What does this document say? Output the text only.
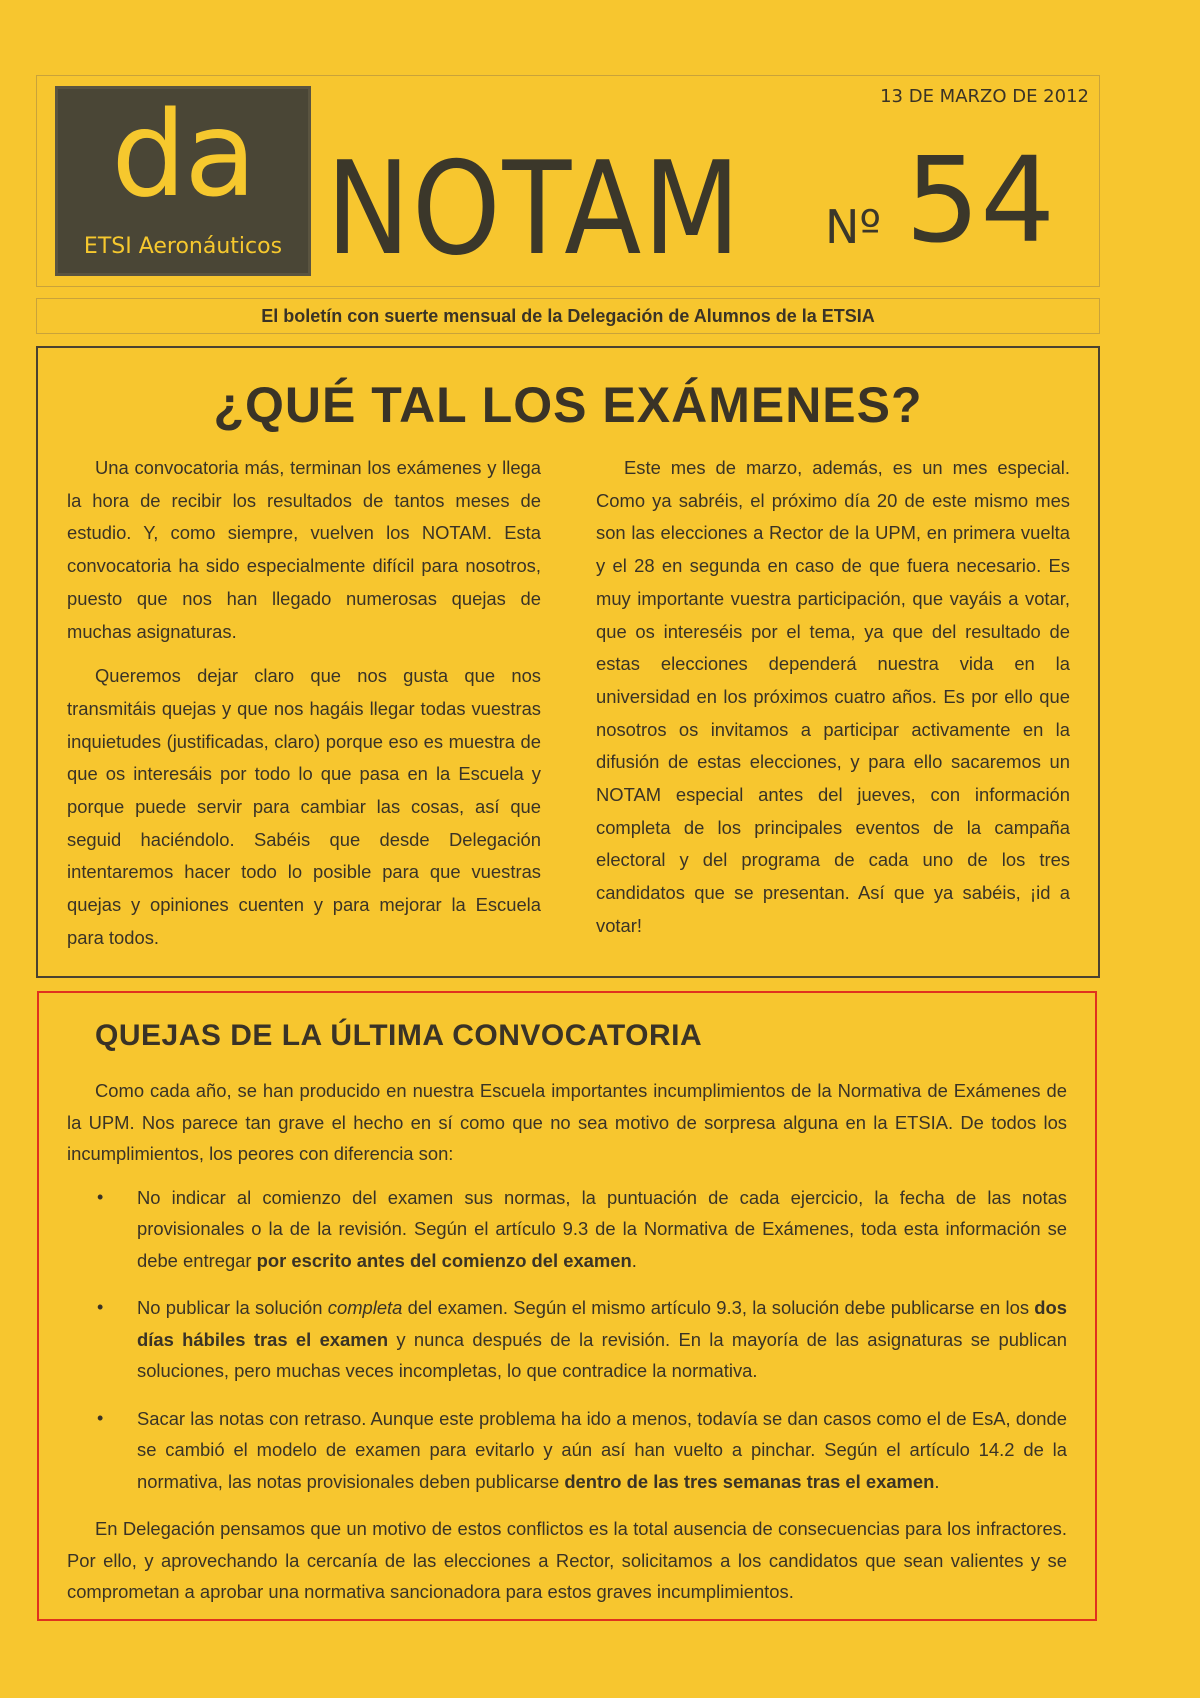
da
ETSI Aeronáuticos
13 DE MARZO DE 2012
NOTAM Nº 54
El boletín con suerte mensual de la Delegación de Alumnos de la ETSIA
¿QUÉ TAL LOS EXÁMENES?

Una convocatoria más, terminan los exámenes y llega la hora de recibir los resultados de tantos meses de estudio. Y, como siempre, vuelven los NOTAM. Esta convocatoria ha sido especialmente difícil para nosotros, puesto que nos han llegado numerosas quejas de muchas asignaturas.

Queremos dejar claro que nos gusta que nos transmitáis quejas y que nos hagáis llegar todas vuestras inquietudes (justificadas, claro) porque eso es muestra de que os interesáis por todo lo que pasa en la Escuela y porque puede servir para cambiar las cosas, así que seguid haciéndolo. Sabéis que desde Delegación intentaremos hacer todo lo posible para que vuestras quejas y opiniones cuenten y para mejorar la Escuela para todos.

Este mes de marzo, además, es un mes especial. Como ya sabréis, el próximo día 20 de este mismo mes son las elecciones a Rector de la UPM, en primera vuelta y el 28 en segunda en caso de que fuera necesario. Es muy importante vuestra participación, que vayáis a votar, que os intereséis por el tema, ya que del resultado de estas elecciones dependerá nuestra vida en la universidad en los próximos cuatro años. Es por ello que nosotros os invitamos a participar activamente en la difusión de estas elecciones, y para ello sacaremos un NOTAM especial antes del jueves, con información completa de los principales eventos de la campaña electoral y del programa de cada uno de los tres candidatos que se presentan. Así que ya sabéis, ¡id a votar!

QUEJAS DE LA ÚLTIMA CONVOCATORIA

Como cada año, se han producido en nuestra Escuela importantes incumplimientos de la Normativa de Exámenes de la UPM. Nos parece tan grave el hecho en sí como que no sea motivo de sorpresa alguna en la ETSIA. De todos los incumplimientos, los peores con diferencia son:

• No indicar al comienzo del examen sus normas, la puntuación de cada ejercicio, la fecha de las notas provisionales o la de la revisión. Según el artículo 9.3 de la Normativa de Exámenes, toda esta información se debe entregar por escrito antes del comienzo del examen.
• No publicar la solución completa del examen. Según el mismo artículo 9.3, la solución debe publicarse en los dos días hábiles tras el examen y nunca después de la revisión. En la mayoría de las asignaturas se publican soluciones, pero muchas veces incompletas, lo que contradice la normativa.
• Sacar las notas con retraso. Aunque este problema ha ido a menos, todavía se dan casos como el de EsA, donde se cambió el modelo de examen para evitarlo y aún así han vuelto a pinchar. Según el artículo 14.2 de la normativa, las notas provisionales deben publicarse dentro de las tres semanas tras el examen.

En Delegación pensamos que un motivo de estos conflictos es la total ausencia de consecuencias para los infractores. Por ello, y aprovechando la cercanía de las elecciones a Rector, solicitamos a los candidatos que sean valientes y se comprometan a aprobar una normativa sancionadora para estos graves incumplimientos.
